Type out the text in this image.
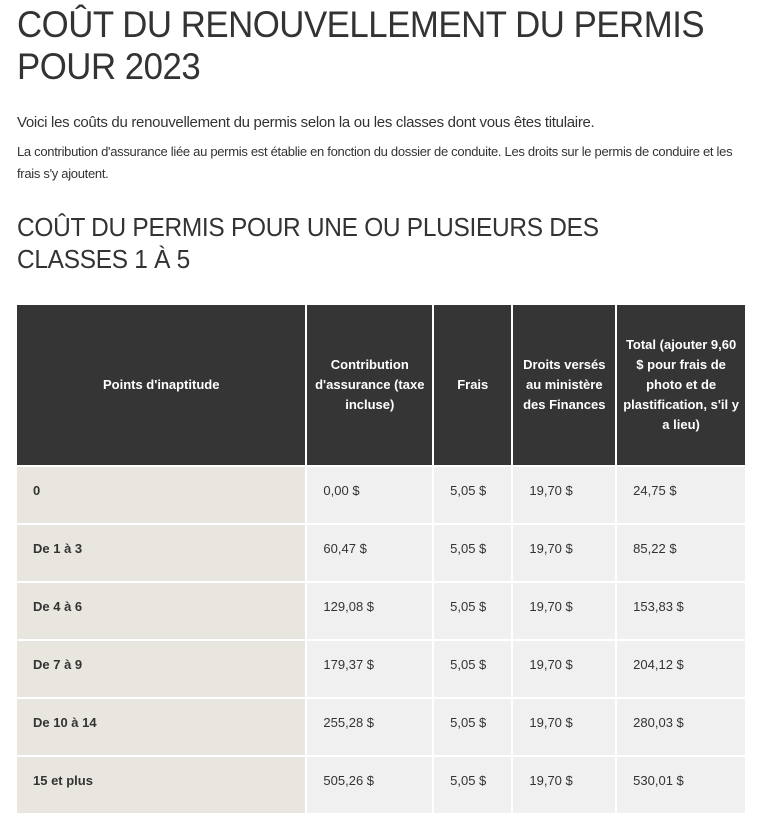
COÛT DU RENOUVELLEMENT DU PERMIS POUR 2023

Voici les coûts du renouvellement du permis selon la ou les classes dont vous êtes titulaire.

La contribution d'assurance liée au permis est établie en fonction du dossier de conduite. Les droits sur le permis de conduire et les frais s'y ajoutent.

COÛT DU PERMIS POUR UNE OU PLUSIEURS DES CLASSES 1 À 5
Points d'inaptitude	Contribution d'assurance (taxe incluse)	Frais	Droits versés au ministère des Finances	Total (ajouter 9,60 $ pour frais de photo et de plastification, s'il y a lieu)
0	0,00 $	5,05 $	19,70 $	24,75 $
De 1 à 3	60,47 $	5,05 $	19,70 $	85,22 $
De 4 à 6	129,08 $	5,05 $	19,70 $	153,83 $
De 7 à 9	179,37 $	5,05 $	19,70 $	204,12 $
De 10 à 14	255,28 $	5,05 $	19,70 $	280,03 $
15 et plus	505,26 $	5,05 $	19,70 $	530,01 $
